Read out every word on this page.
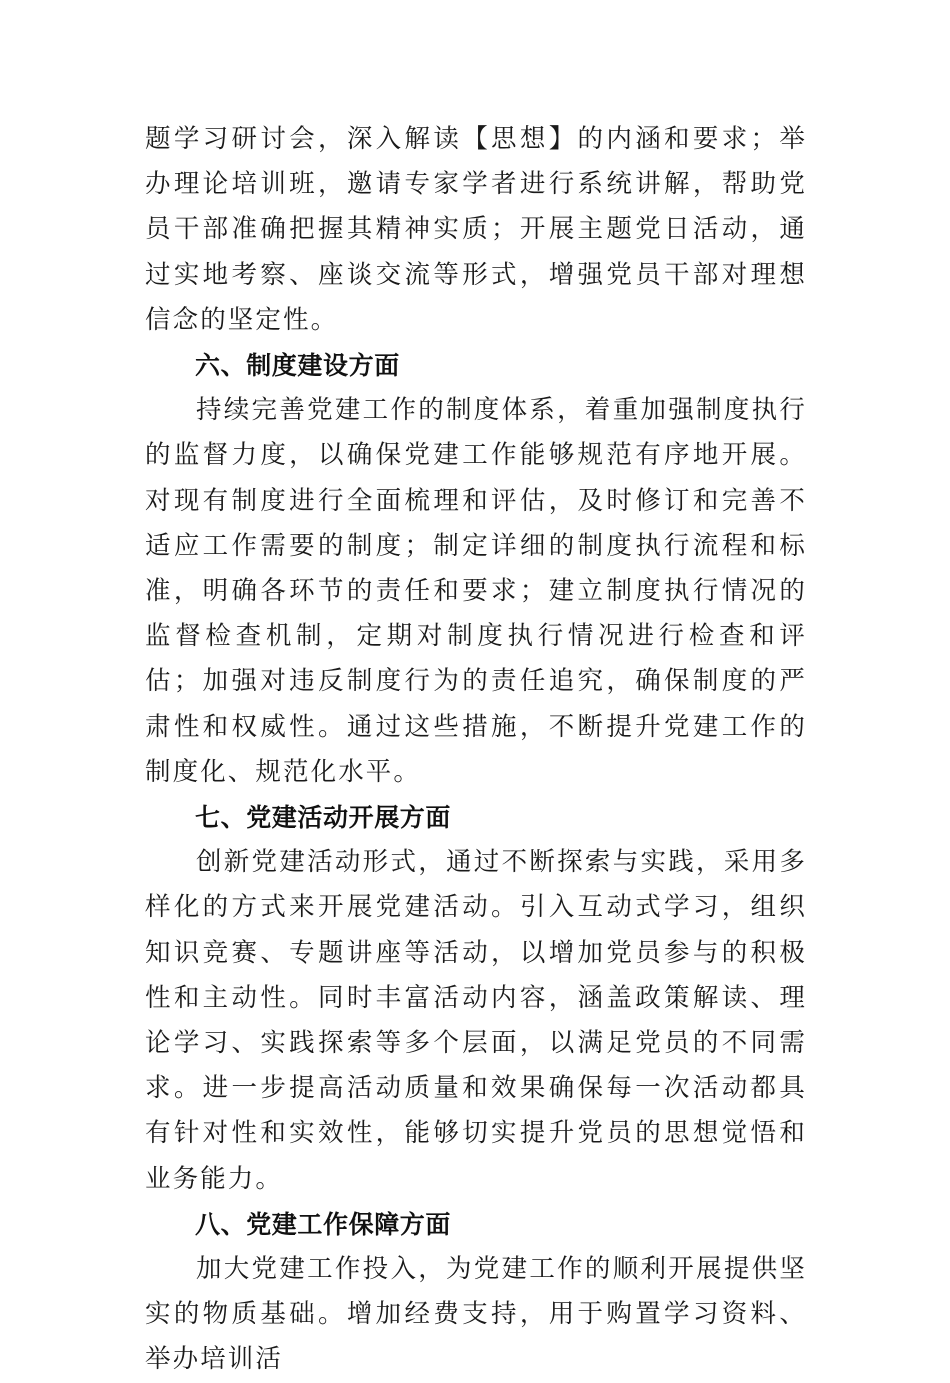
题学习研讨会，深入解读【思想】的内涵和要求；举办理论培训班，邀请专家学者进行系统讲解，帮助党员干部准确把握其精神实质；开展主题党日活动，通过实地考察、座谈交流等形式，增强党员干部对理想信念的坚定性。

六、制度建设方面

持续完善党建工作的制度体系，着重加强制度执行的监督力度，以确保党建工作能够规范有序地开展。对现有制度进行全面梳理和评估，及时修订和完善不适应工作需要的制度；制定详细的制度执行流程和标准，明确各环节的责任和要求；建立制度执行情况的监督检查机制，定期对制度执行情况进行检查和评估；加强对违反制度行为的责任追究，确保制度的严肃性和权威性。通过这些措施，不断提升党建工作的制度化、规范化水平。

七、党建活动开展方面

创新党建活动形式，通过不断探索与实践，采用多样化的方式来开展党建活动。引入互动式学习，组织知识竞赛、专题讲座等活动，以增加党员参与的积极性和主动性。同时丰富活动内容，涵盖政策解读、理论学习、实践探索等多个层面，以满足党员的不同需求。进一步提高活动质量和效果确保每一次活动都具有针对性和实效性，能够切实提升党员的思想觉悟和业务能力。

八、党建工作保障方面

加大党建工作投入，为党建工作的顺利开展提供坚实的物质基础。增加经费支持，用于购置学习资料、举办培训活
